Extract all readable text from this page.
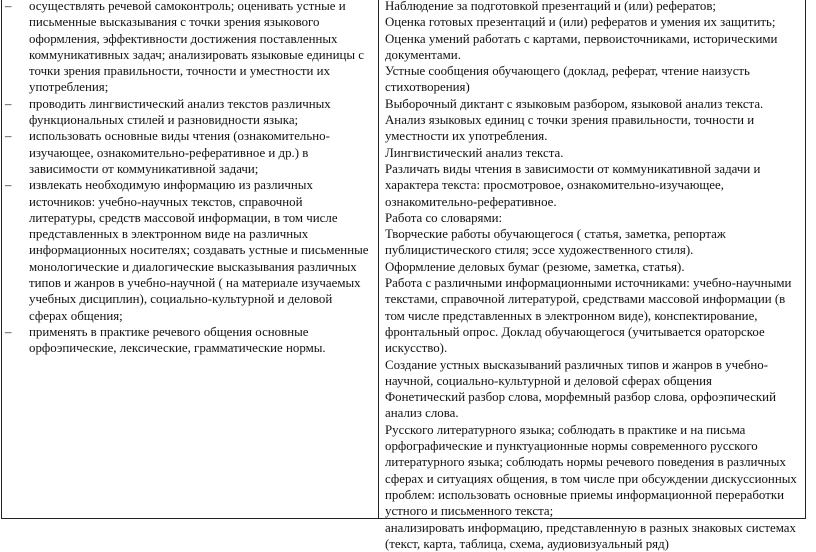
– осуществлять речевой самоконтроль; оценивать устные и письменные высказывания с точки зрения языкового оформления, эффективности достижения поставленных коммуникативных задач; анализировать языковые единицы с точки зрения правильности, точности и уместности их употребления;
– проводить лингвистический анализ текстов различных функциональных стилей и разновидности языка;
– использовать основные виды чтения (ознакомительно-изучающее, ознакомительно-реферативное и др.) в зависимости от коммуникативной задачи;
– извлекать необходимую информацию из различных источников: учебно-научных текстов, справочной литературы, средств массовой информации, в том числе представленных в электронном виде на различных информационных носителях; создавать устные и письменные монологические и диалогические высказывания различных типов и жанров в учебно-научной ( на материале изучаемых учебных дисциплин), социально-культурной и деловой сферах общения;
– применять в практике речевого общения основные орфоэпические, лексические, грамматические нормы.
Наблюдение за подготовкой презентаций и (или) рефератов;
Оценка готовых презентаций и (или) рефератов и умения их защитить;
Оценка умений работать с картами, первоисточниками, историческими документами.
Устные сообщения обучающего (доклад, реферат, чтение наизусть стихотворения)
Выборочный диктант с языковым разбором, языковой анализ текста.
Анализ языковых единиц с точки зрения правильности, точности и уместности их употребления.
Лингвистический анализ текста.
Различать виды чтения в зависимости от коммуникативной задачи и характера текста: просмотровое, ознакомительно-изучающее, ознакомительно-реферативное.
Работа со словарями:
Творческие работы обучающегося ( статья, заметка, репортаж публицистического стиля; эссе художественного стиля).
Оформление деловых бумаг (резюме, заметка, статья).
Работа с различными информационными источниками: учебно-научными текстами, справочной литературой, средствами массовой информации (в том числе представленных в электронном виде), конспектирование, фронтальный опрос. Доклад обучающегося (учитывается ораторское искусство).
Создание устных высказываний различных типов и жанров в учебно-научной, социально-культурной и деловой сферах общения
Фонетический разбор слова, морфемный разбор слова, орфоэпический анализ слова.
Русского литературного языка; соблюдать в практике и на письма орфографические и пунктуационные нормы современного русского литературного языка; соблюдать нормы речевого поведения в различных сферах и ситуациях общения, в том числе при обсуждении дискуссионных проблем: использовать основные приемы информационной переработки устного и письменного текста;
анализировать информацию, представленную в разных знаковых системах (текст, карта, таблица, схема, аудиовизуальный ряд)
